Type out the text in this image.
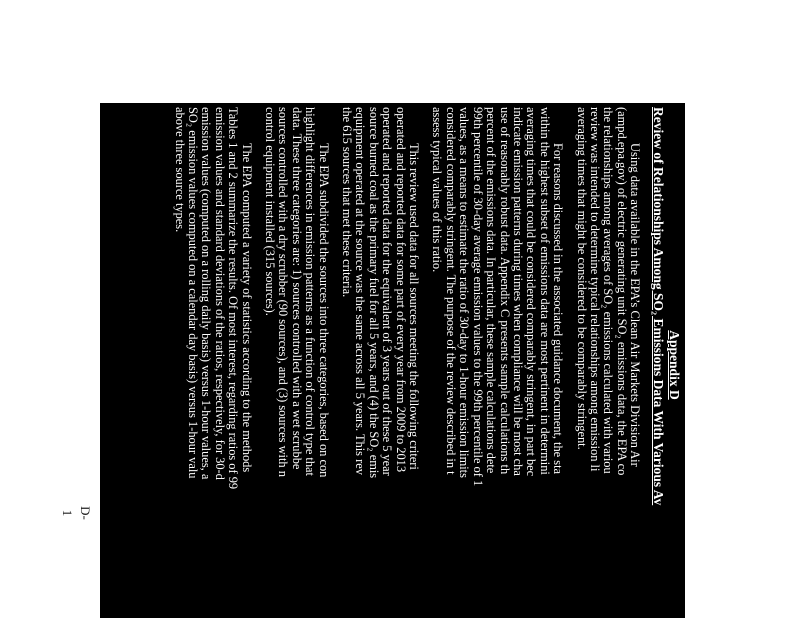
Appendix D
Review of Relationships Among SO₂ Emissions Data With Various Av
Using data available in the EPA’s Clean Air Markets Division Air
(ampd.epa.gov) of electric generating unit SO₂ emissions data, the EPA co
the relationships among averages of SO₂ emissions calculated with variou
review was intended to determine typical relationships among emission li
averaging times that might be considered to be comparably stringent.
For reasons discussed in the associated guidance document, the sta
within the highest subset of emissions data are most pertinent in determini
averaging times that could be considered comparably stringent, in part bec
indicate emission patterns during times when compliance will be most cha
use of reasonably robust data. Appendix C presents sample calculations th
percent of the emissions data. In particular, these sample calculations dete
99th percentile of 30-day average emission values to the 99th percentile of 1
values, as a means to estimate the ratio of 30-day to 1-hour emission limits
considered comparably stringent. The purpose of the review described in t
assess typical values of this ratio.
This review used data for all sources meeting the following criteri
operated and reported data for some part of every year from 2009 to 2013
operated and reported data for the equivalent of 3 years out of these 5 year
source burned coal as the primary fuel for all 5 years, and (4) the SO₂ emis
equipment operated at the source was the same across all 5 years. This rev
the 615 sources that met these criteria.
The EPA subdivided the sources into three categories, based on con
highlight differences in emission patterns as a function of control type that
data. These three categories are: 1) sources controlled with a wet scrubbe
sources controlled with a dry scrubber (90 sources), and (3) sources with n
control equipment installed (315 sources).
The EPA computed a variety of statistics according to the methods
Tables 1 and 2 summarize the results. Of most interest, regarding ratios of 99
emission values and standard deviations of the ratios, respectively, for 30-d
emission values (computed on a rolling daily basis) versus 1-hour values, a
SO₂ emission values computed on a calendar day basis) versus 1-hour valu
above three source types.
D-1
